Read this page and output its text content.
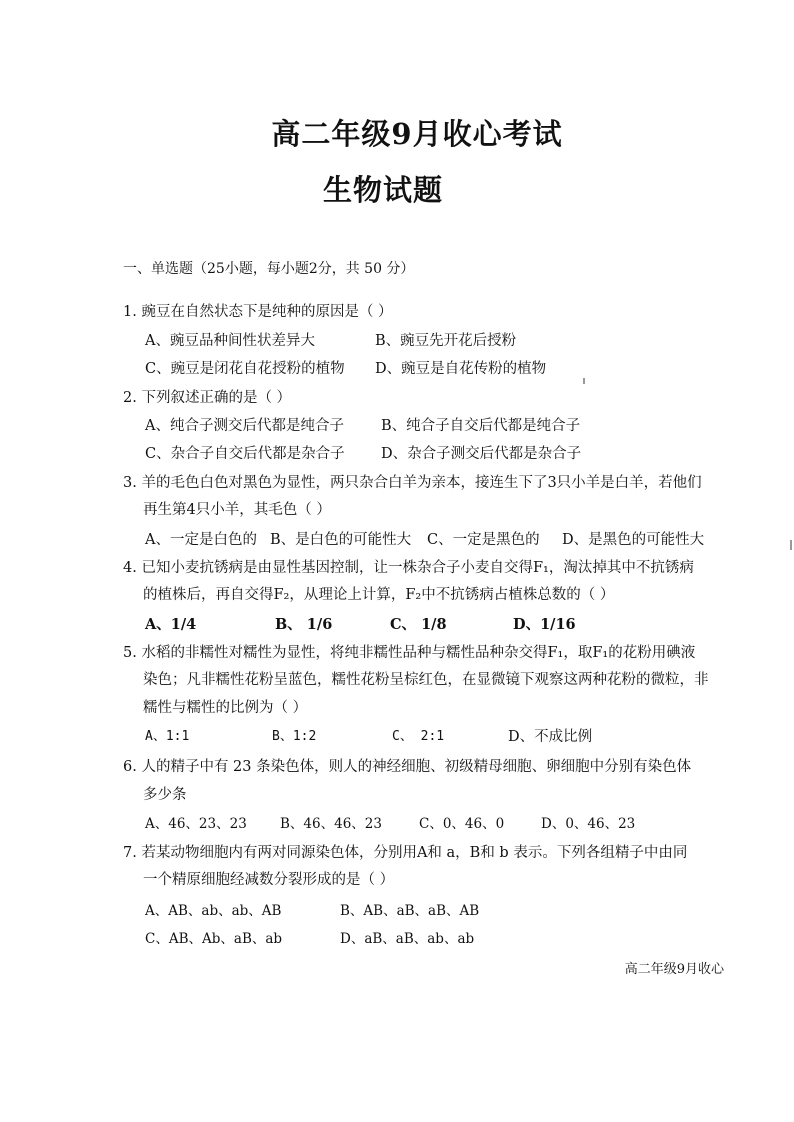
高二年级9月收心考试
生物试题
一、单选题（25小题，每小题2分，共 50 分）
1. 豌豆在自然状态下是纯种的原因是（ ）
A、豌豆品种间性状差异大	B、豌豆先开花后授粉
C、豌豆是闭花自花授粉的植物 D、豌豆是自花传粉的植物
2. 下列叙述正确的是（ ）
A、纯合子测交后代都是纯合子	B、纯合子自交后代都是纯合子
C、杂合子自交后代都是杂合子	D、杂合子测交后代都是杂合子
3. 羊的毛色白色对黑色为显性，两只杂合白羊为亲本，接连生下了3只小羊是白羊，若他们
再生第4只小羊，其毛色（ ）
A、一定是白色的 B、是白色的可能性大 C、一定是黑色的 D、是黑色的可能性大
4. 已知小麦抗锈病是由显性基因控制，让一株杂合子小麦自交得F₁，淘汰掉其中不抗锈病
的植株后，再自交得F₂，从理论上计算，F₂中不抗锈病占植株总数的（ ）
A、1/4	B、 1/6	C、 1/8	D、1/16
5. 水稻的非糯性对糯性为显性，将纯非糯性品种与糯性品种杂交得F₁，取F₁的花粉用碘液
染色；凡非糯性花粉呈蓝色，糯性花粉呈棕红色，在显微镜下观察这两种花粉的微粒，非
糯性与糯性的比例为（ ）
A、1:1	B、1:2	C、 2:1	D、不成比例
6. 人的精子中有 23 条染色体，则人的神经细胞、初级精母细胞、卵细胞中分别有染色体
多少条
A、46、23、23 B、46、46、23	C、0、46、0	D、0、46、23
7. 若某动物细胞内有两对同源染色体，分别用A和 a，B和 b 表示。下列各组精子中由同
一个精原细胞经减数分裂形成的是（ ）
A、AB、ab、ab、AB	B、AB、aB、aB、AB
C、AB、Ab、aB、ab	D、aB、aB、ab、ab
高二年级9月收心
